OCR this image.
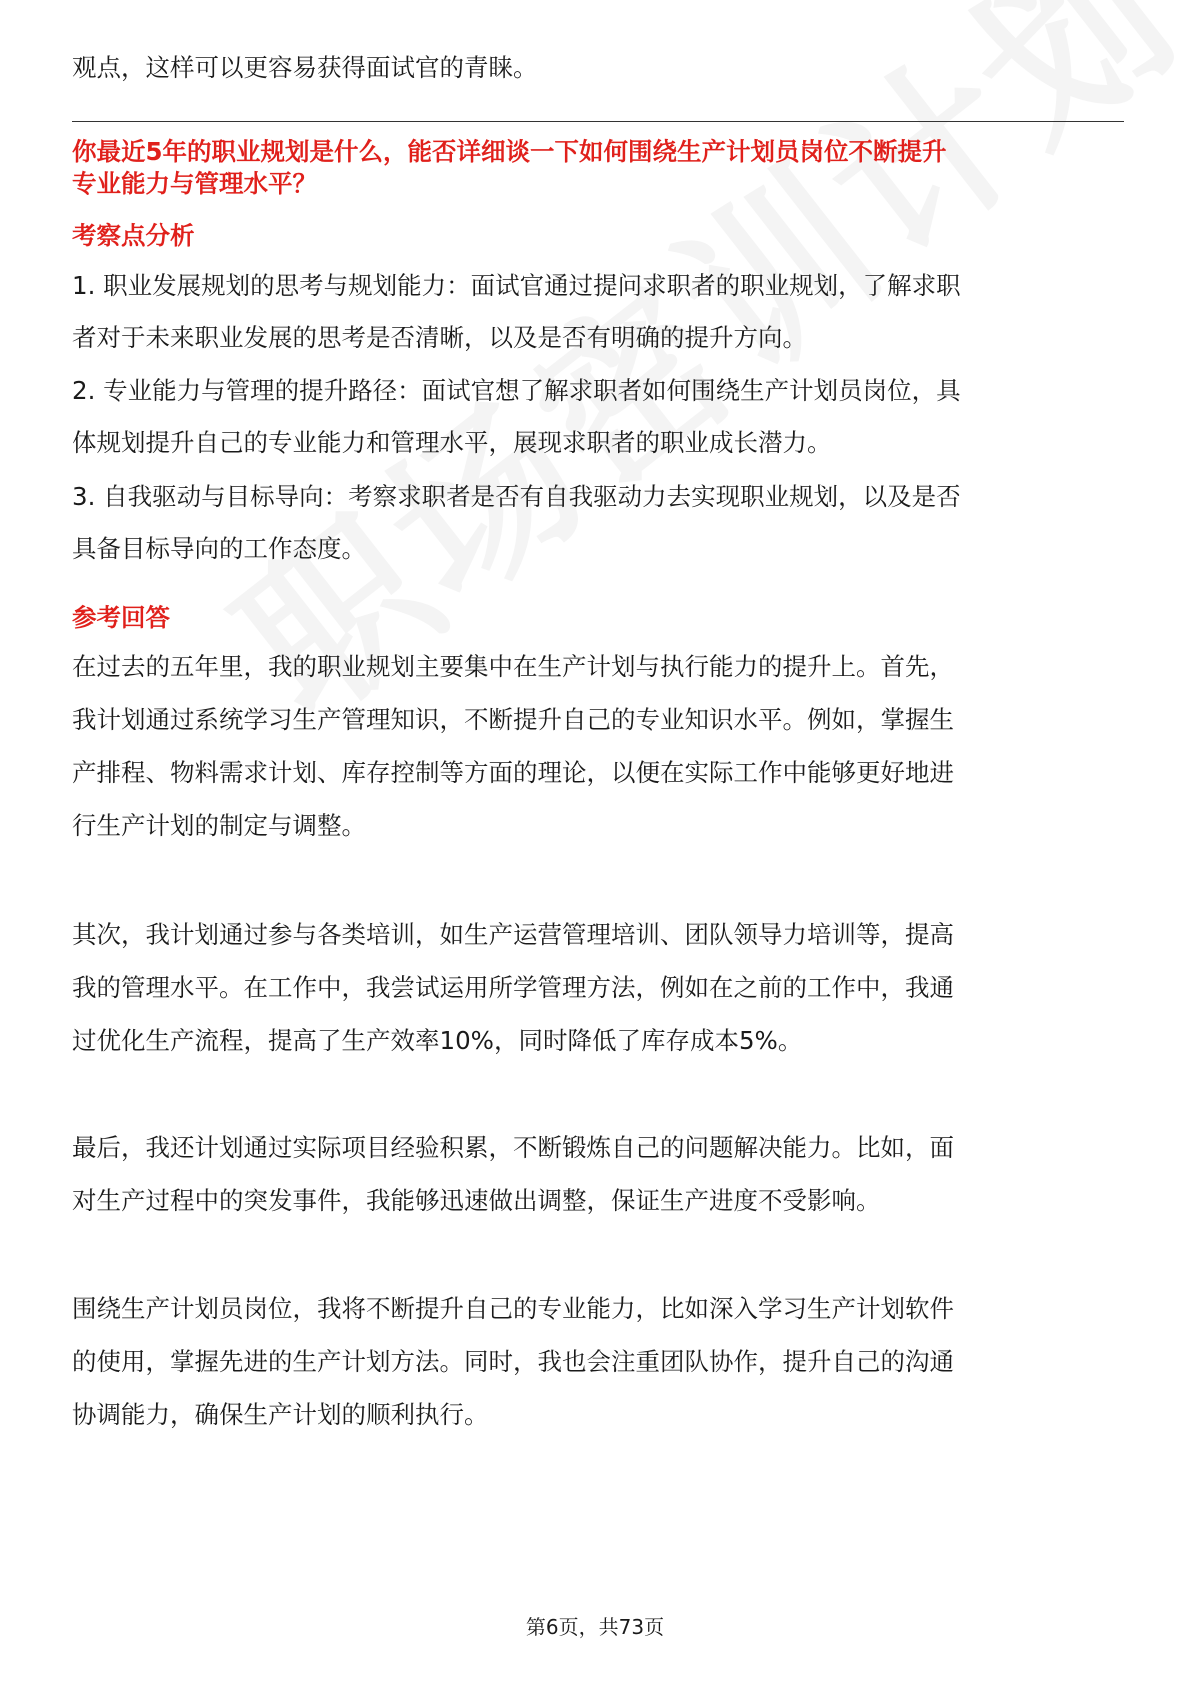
观点，这样可以更容易获得面试官的青睐。
你最近5年的职业规划是什么，能否详细谈一下如何围绕生产计划员岗位不断提升
专业能力与管理水平？
考察点分析
1. 职业发展规划的思考与规划能力：面试官通过提问求职者的职业规划，了解求职
者对于未来职业发展的思考是否清晰，以及是否有明确的提升方向。
2. 专业能力与管理的提升路径：面试官想了解求职者如何围绕生产计划员岗位，具
体规划提升自己的专业能力和管理水平，展现求职者的职业成长潜力。
3. 自我驱动与目标导向：考察求职者是否有自我驱动力去实现职业规划，以及是否
具备目标导向的工作态度。
参考回答
在过去的五年里，我的职业规划主要集中在生产计划与执行能力的提升上。首先，
我计划通过系统学习生产管理知识，不断提升自己的专业知识水平。例如，掌握生
产排程、物料需求计划、库存控制等方面的理论，以便在实际工作中能够更好地进
行生产计划的制定与调整。
其次，我计划通过参与各类培训，如生产运营管理培训、团队领导力培训等，提高
我的管理水平。在工作中，我尝试运用所学管理方法，例如在之前的工作中，我通
过优化生产流程，提高了生产效率10%，同时降低了库存成本5%。
最后，我还计划通过实际项目经验积累，不断锻炼自己的问题解决能力。比如，面
对生产过程中的突发事件，我能够迅速做出调整，保证生产进度不受影响。
围绕生产计划员岗位，我将不断提升自己的专业能力，比如深入学习生产计划软件
的使用，掌握先进的生产计划方法。同时，我也会注重团队协作，提升自己的沟通
协调能力，确保生产计划的顺利执行。
第6页，共73页
